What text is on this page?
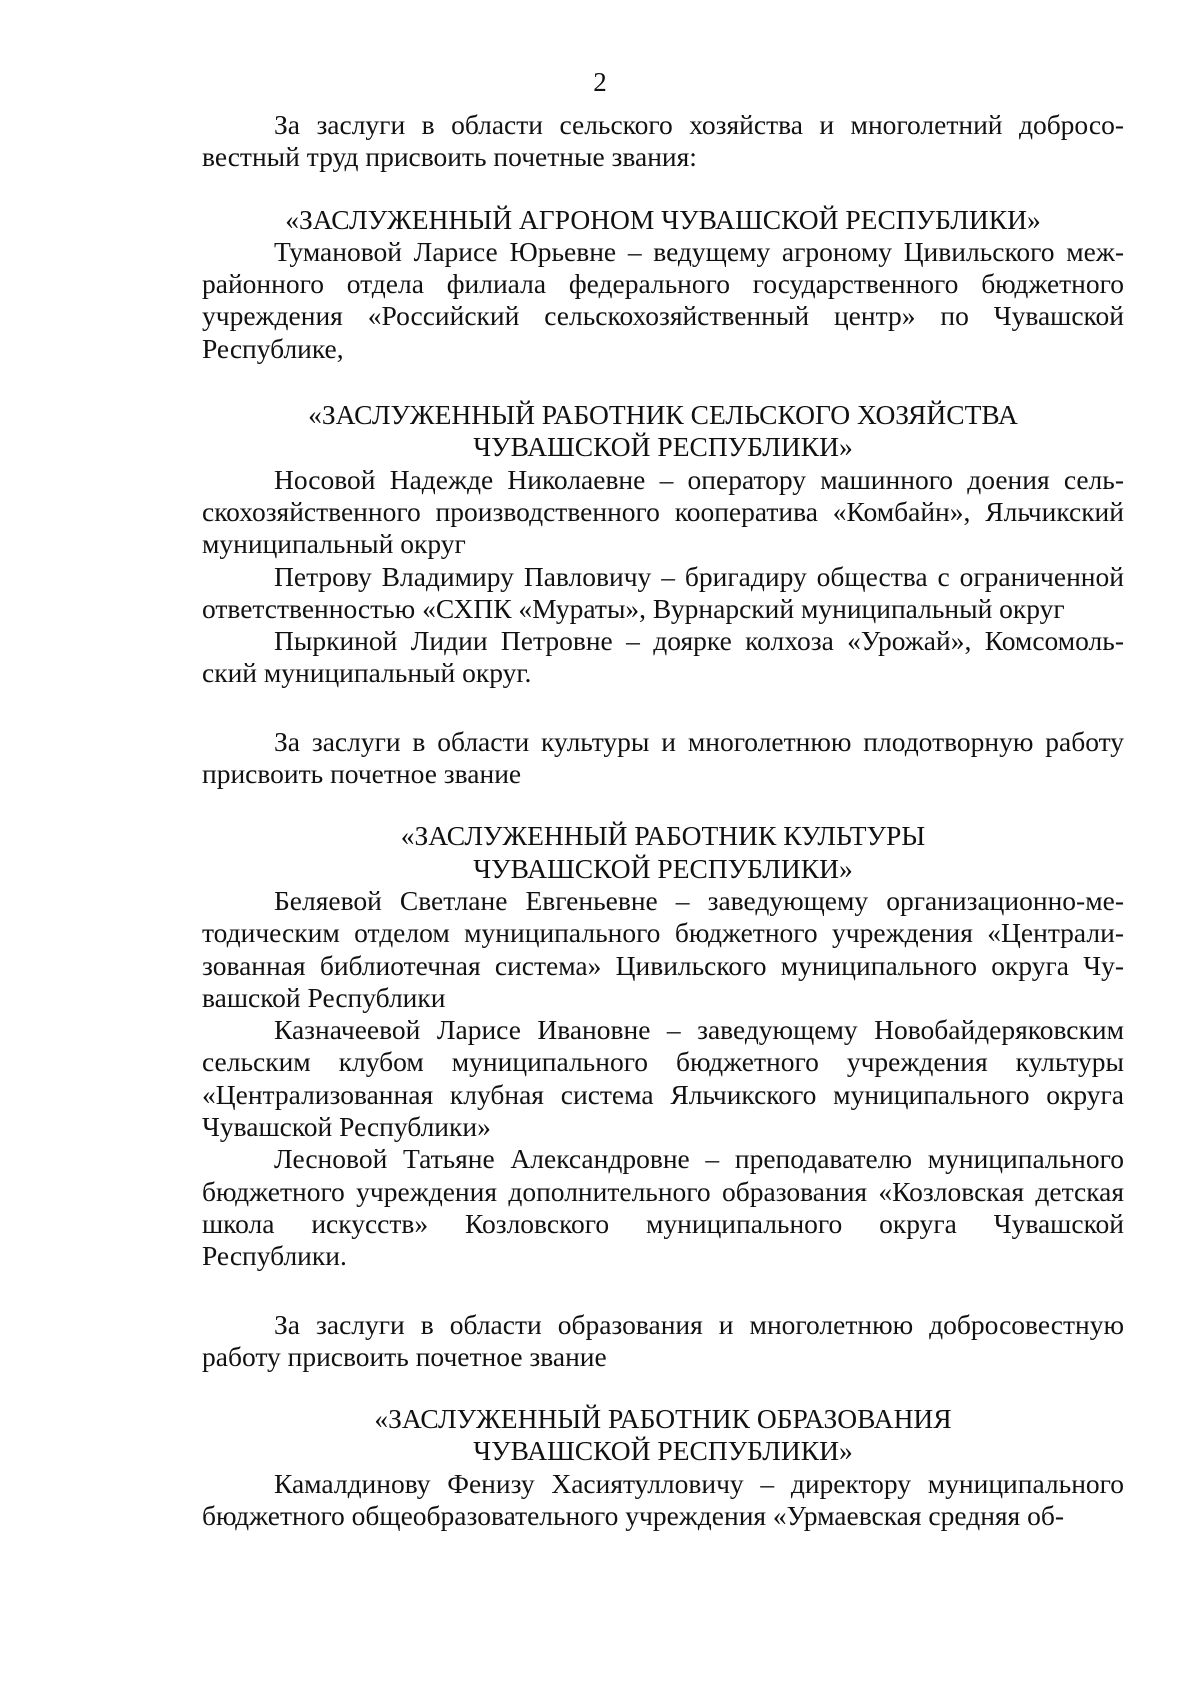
2

За заслуги в области сельского хозяйства и многолетний добросовестный труд присвоить почетные звания:

«ЗАСЛУЖЕННЫЙ АГРОНОМ ЧУВАШСКОЙ РЕСПУБЛИКИ»

Тумановой Ларисе Юрьевне – ведущему агроному Цивильского межрайонного отдела филиала федерального государственного бюджетного учреждения «Российский сельскохозяйственный центр» по Чувашской Республике,

«ЗАСЛУЖЕННЫЙ РАБОТНИК СЕЛЬСКОГО ХОЗЯЙСТВА
ЧУВАШСКОЙ РЕСПУБЛИКИ»

Носовой Надежде Николаевне – оператору машинного доения сельскохозяйственного производственного кооператива «Комбайн», Яльчикский муниципальный округ

Петрову Владимиру Павловичу – бригадиру общества с ограниченной ответственностью «СХПК «Мураты», Вурнарский муниципальный округ

Пыркиной Лидии Петровне – доярке колхоза «Урожай», Комсомольский муниципальный округ.

За заслуги в области культуры и многолетнюю плодотворную работу присвоить почетное звание

«ЗАСЛУЖЕННЫЙ РАБОТНИК КУЛЬТУРЫ
ЧУВАШСКОЙ РЕСПУБЛИКИ»

Беляевой Светлане Евгеньевне – заведующему организационно-методическим отделом муниципального бюджетного учреждения «Централизованная библиотечная система» Цивильского муниципального округа Чувашской Республики

Казначеевой Ларисе Ивановне – заведующему Новобайдеряковским сельским клубом муниципального бюджетного учреждения культуры «Централизованная клубная система Яльчикского муниципального округа Чувашской Республики»

Лесновой Татьяне Александровне – преподавателю муниципального бюджетного учреждения дополнительного образования «Козловская детская школа искусств» Козловского муниципального округа Чувашской Республики.

За заслуги в области образования и многолетнюю добросовестную работу присвоить почетное звание

«ЗАСЛУЖЕННЫЙ РАБОТНИК ОБРАЗОВАНИЯ
ЧУВАШСКОЙ РЕСПУБЛИКИ»

Камалдинову Фенизу Хасиятулловичу – директору муниципального бюджетного общеобразовательного учреждения «Урмаевская средняя об-
